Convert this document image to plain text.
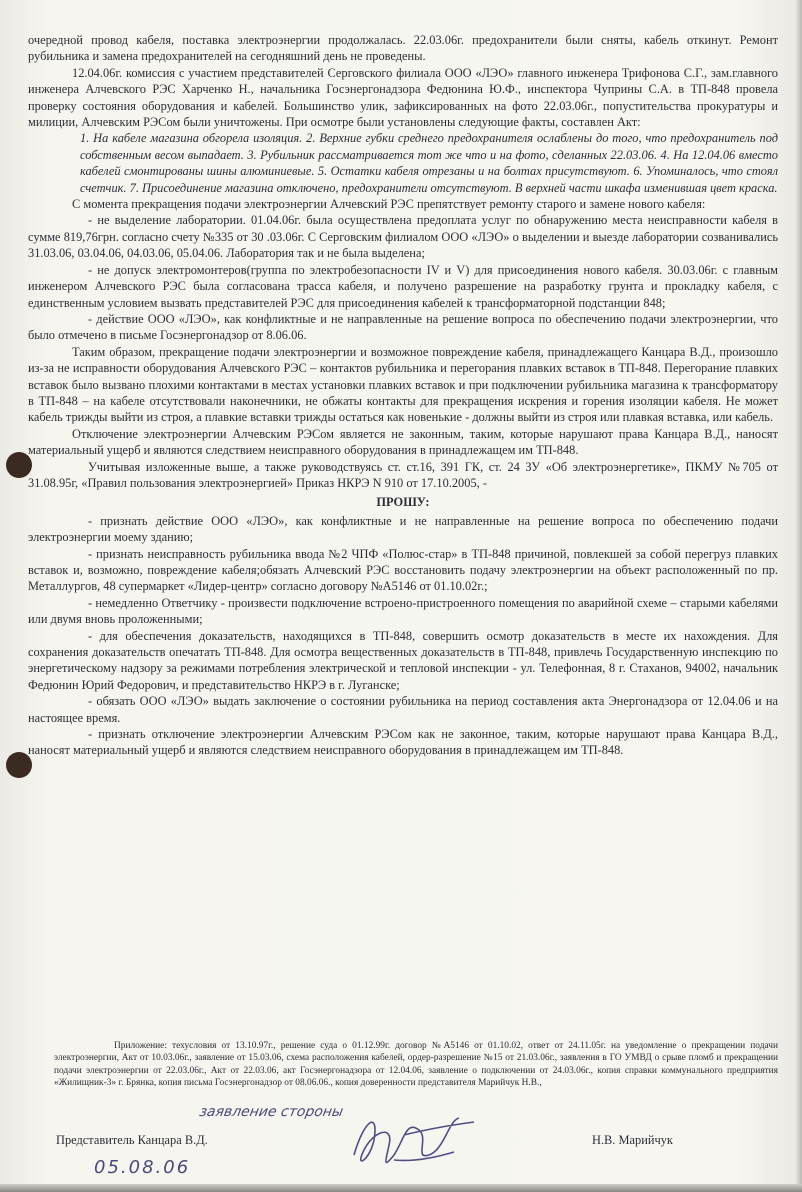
очередной провод кабеля, поставка электроэнергии продолжалась. 22.03.06г. предохранители были сняты, кабель откинут. Ремонт рубильника и замена предохранителей на сегодняшний день не проведены.

12.04.06г. комиссия с участием представителей Серговского филиала ООО «ЛЭО» главного инженера Трифонова С.Г., зам.главного инженера Алчевского РЭС Харченко Н., начальника Госэнергонадзора Федюнина Ю.Ф., инспектора Чуприны С.А. в ТП-848 провела проверку состояния оборудования и кабелей. Большинство улик, зафиксированных на фото 22.03.06г., попустительства прокуратуры и милиции, Алчевским РЭСом были уничтожены. При осмотре были установлены следующие факты, составлен Акт:

1. На кабеле магазина обгорела изоляция. 2. Верхние губки среднего предохранителя ослаблены до того, что предохранитель под собственным весом выпадает. 3. Рубильник рассматривается тот же что и на фото, сделанных 22.03.06. 4. На 12.04.06 вместо кабелей смонтированы шины алюминиевые. 5. Остатки кабеля отрезаны и на болтах присутствуют. 6. Упоминалось, что стоял счетчик. 7. Присоединение магазина отключено, предохранители отсутствуют. В верхней части шкафа изменившая цвет краска.

С момента прекращения подачи электроэнергии Алчевский РЭС препятствует ремонту старого и замене нового кабеля:

- не выделение лаборатории. 01.04.06г. была осуществлена предоплата услуг по обнаружению места неисправности кабеля в сумме 819,76грн. согласно счету №335 от 30 .03.06г. С Серговским филиалом ООО «ЛЭО» о выделении и выезде лаборатории созванивались 31.03.06, 03.04.06, 04.03.06, 05.04.06. Лаборатория так и не была выделена;

- не допуск электромонтеров(группа по электробезопасности IV и V) для присоединения нового кабеля. 30.03.06г. с главным инженером Алчевского РЭС была согласована трасса кабеля, и получено разрешение на разработку грунта и прокладку кабеля, с единственным условием вызвать представителей РЭС для присоединения кабелей к трансформаторной подстанции 848;

- действие ООО «ЛЭО», как конфликтные и не направленные на решение вопроса по обеспечению подачи электроэнергии, что было отмечено в письме Госэнергонадзор от 8.06.06.

Таким образом, прекращение подачи электроэнергии и возможное повреждение кабеля, принадлежащего Канцара В.Д., произошло из-за не исправности оборудования Алчевского РЭС – контактов рубильника и перегорания плавких вставок в ТП-848. Перегорание плавких вставок было вызвано плохими контактами в местах установки плавких вставок и при подключении рубильника магазина к трансформатору в ТП-848 – на кабеле отсутствовали наконечники, не обжаты контакты для прекращения искрения и горения изоляции кабеля. Не может кабель трижды выйти из строя, а плавкие вставки трижды остаться как новенькие - должны выйти из строя или плавкая вставка, или кабель.

Отключение электроэнергии Алчевским РЭСом является не законным, таким, которые нарушают права Канцара В.Д., наносят материальный ущерб и являются следствием неисправного оборудования в принадлежащем им ТП-848.

Учитывая изложенные выше, а также руководствуясь ст. ст.16, 391 ГК, ст. 24 ЗУ «Об электроэнергетике», ПКМУ №705 от 31.08.95г, «Правил пользования электроэнергией» Приказ НКРЭ N 910 от 17.10.2005, -

ПРОШУ:

- признать действие ООО «ЛЭО», как конфликтные и не направленные на решение вопроса по обеспечению подачи электроэнергии моему зданию;

- признать неисправность рубильника ввода №2 ЧПФ «Полюс-стар» в ТП-848 причиной, повлекшей за собой перегруз плавких вставок и, возможно, повреждение кабеля;обязать Алчевский РЭС восстановить подачу электроэнергии на объект расположенный по пр. Металлургов, 48 супермаркет «Лидер-центр» согласно договору №А5146 от 01.10.02г.;

- немедленно Ответчику - произвести подключение встроено-пристроенного помещения по аварийной схеме – старыми кабелями или двумя вновь проложенными;

- для обеспечения доказательств, находящихся в ТП-848, совершить осмотр доказательств в месте их нахождения. Для сохранения доказательств опечатать ТП-848. Для осмотра вещественных доказательств в ТП-848, привлечь Государственную инспекцию по энергетическому надзору за режимами потребления электрической и тепловой инспекции - ул. Телефонная, 8 г. Стаханов, 94002, начальник Федюнин Юрий Федорович, и представительство НКРЭ в г. Луганске;

- обязать ООО «ЛЭО» выдать заключение о состоянии рубильника на период составления акта Энергонадзора от 12.04.06 и на настоящее время.

- признать отключение электроэнергии Алчевским РЭСом как не законное, таким, которые нарушают права Канцара В.Д., наносят материальный ущерб и являются следствием неисправного оборудования в принадлежащем им ТП-848.

Приложение: техусловия от 13.10.97г., решение суда о 01.12.99г. договор №А5146 от 01.10.02, ответ от 24.11.05г. на уведомление о прекращении подачи электроэнергии, Акт от 10.03.06г., заявление от 15.03.06, схема расположения кабелей, ордер-разрешение №15 от 21.03.06г., заявления в ГО УМВД о срыве пломб и прекращении подачи электроэнергии от 22.03.06г., Акт от 22.03.06, акт Госэнергонадзора от 12.04.06, заявление о подключении от 24.03.06г., копия справки коммунального предприятия «Жилищник-3» г. Брянка, копия письма Госэнергонадзор от 08.06.06., копия доверенности представителя Марийчук Н.В.,

заявление стороны
Представитель Канцара В.Д.	Н.В. Марийчук
05.08.06
